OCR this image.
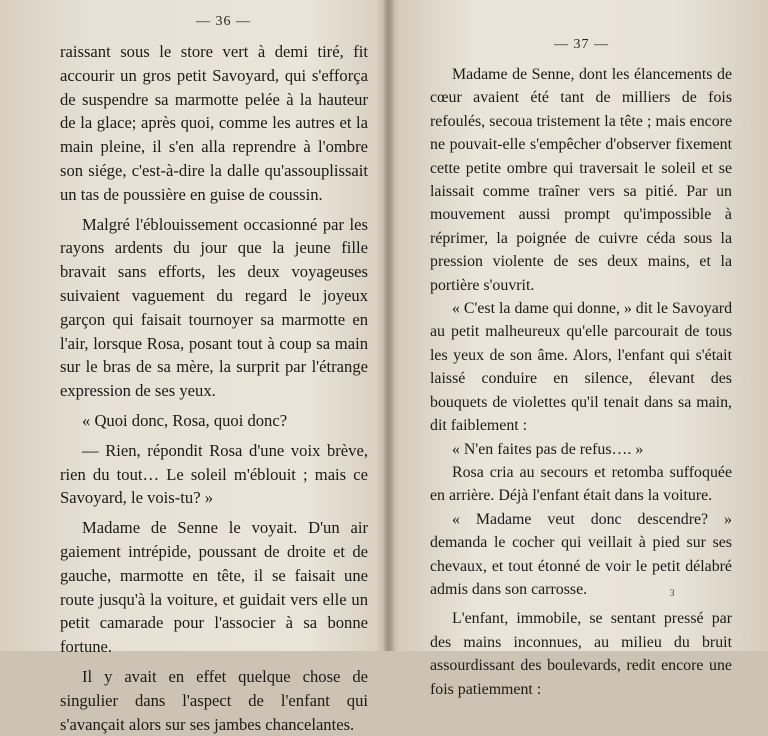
— 36 —

raissant sous le store vert à demi tiré, fit accourir un gros petit Savoyard, qui s'efforça de suspendre sa marmotte pelée à la hauteur de la glace; après quoi, comme les autres et la main pleine, il s'en alla reprendre à l'ombre son siége, c'est-à-dire la dalle qu'assouplissait un tas de poussière en guise de coussin.

Malgré l'éblouissement occasionné par les rayons ardents du jour que la jeune fille bravait sans efforts, les deux voyageuses suivaient vaguement du regard le joyeux garçon qui faisait tournoyer sa marmotte en l'air, lorsque Rosa, posant tout à coup sa main sur le bras de sa mère, la surprit par l'étrange expression de ses yeux.

« Quoi donc, Rosa, quoi donc?

— Rien, répondit Rosa d'une voix brève, rien du tout… Le soleil m'éblouit ; mais ce Savoyard, le vois-tu? »

Madame de Senne le voyait. D'un air gaiement intrépide, poussant de droite et de gauche, marmotte en tête, il se faisait une route jusqu'à la voiture, et guidait vers elle un petit camarade pour l'associer à sa bonne fortune.

Il y avait en effet quelque chose de singulier dans l'aspect de l'enfant qui s'avançait alors sur ses jambes chancelantes.

— 37 —

Madame de Senne, dont les élancements de cœur avaient été tant de milliers de fois refoulés, secoua tristement la tête ; mais encore ne pouvait-elle s'empêcher d'observer fixement cette petite ombre qui traversait le soleil et se laissait comme traîner vers sa pitié. Par un mouvement aussi prompt qu'impossible à réprimer, la poignée de cuivre céda sous la pression violente de ses deux mains, et la portière s'ouvrit.

« C'est la dame qui donne, » dit le Savoyard au petit malheureux qu'elle parcourait de tous les yeux de son âme. Alors, l'enfant qui s'était laissé conduire en silence, élevant des bouquets de violettes qu'il tenait dans sa main, dit faiblement :

« N'en faites pas de refus…. »

Rosa cria au secours et retomba suffoquée en arrière. Déjà l'enfant était dans la voiture.

« Madame veut donc descendre? » demanda le cocher qui veillait à pied sur ses chevaux, et tout étonné de voir le petit délabré admis dans son carrosse.

L'enfant, immobile, se sentant pressé par des mains inconnues, au milieu du bruit assourdissant des boulevards, redit encore une fois patiemment :

3
